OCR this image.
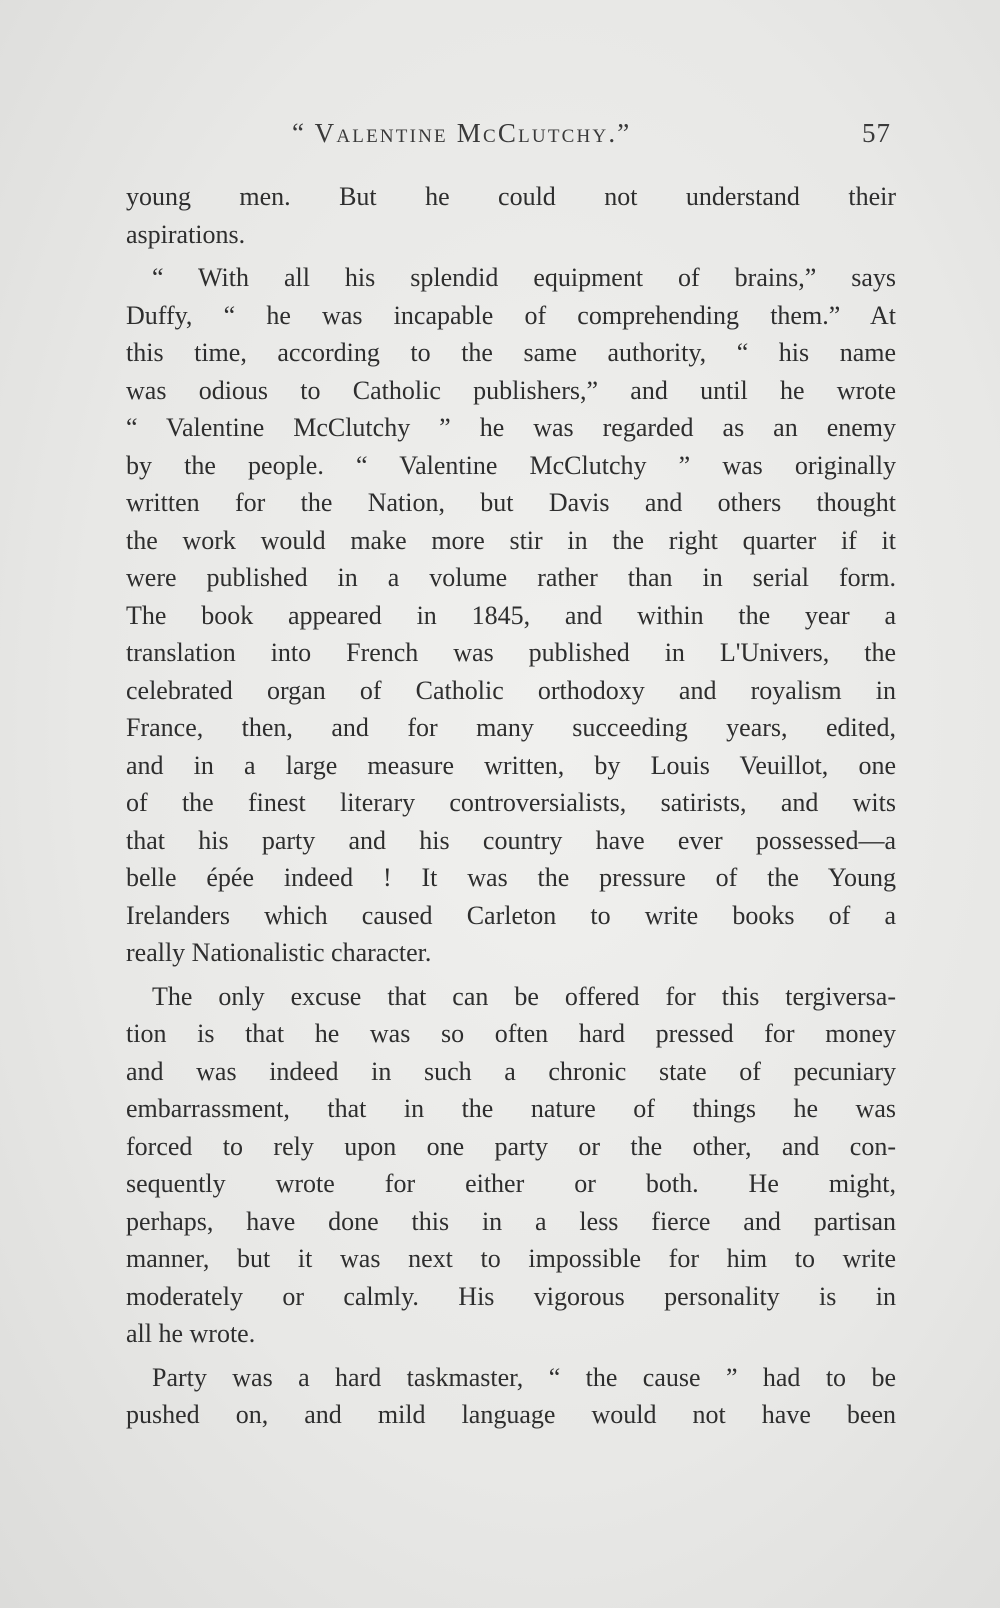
“ Valentine McClutchy.”	57

young men. But he could not understand their
aspirations.

“ With all his splendid equipment of brains,” says
Duffy, “ he was incapable of comprehending them.” At
this time, according to the same authority, “ his name
was odious to Catholic publishers,” and until he wrote
“ Valentine McClutchy ” he was regarded as an enemy
by the people. “ Valentine McClutchy ” was originally
written for the Nation, but Davis and others thought
the work would make more stir in the right quarter if it
were published in a volume rather than in serial form.
The book appeared in 1845, and within the year a
translation into French was published in L'Univers, the
celebrated organ of Catholic orthodoxy and royalism in
France, then, and for many succeeding years, edited,
and in a large measure written, by Louis Veuillot, one
of the finest literary controversialists, satirists, and wits
that his party and his country have ever possessed—a
belle épée indeed ! It was the pressure of the Young
Irelanders which caused Carleton to write books of a
really Nationalistic character.

The only excuse that can be offered for this tergiversa-
tion is that he was so often hard pressed for money
and was indeed in such a chronic state of pecuniary
embarrassment, that in the nature of things he was
forced to rely upon one party or the other, and con-
sequently wrote for either or both. He might,
perhaps, have done this in a less fierce and partisan
manner, but it was next to impossible for him to write
moderately or calmly. His vigorous personality is in
all he wrote.

Party was a hard taskmaster, “ the cause ” had to be
pushed on, and mild language would not have been
